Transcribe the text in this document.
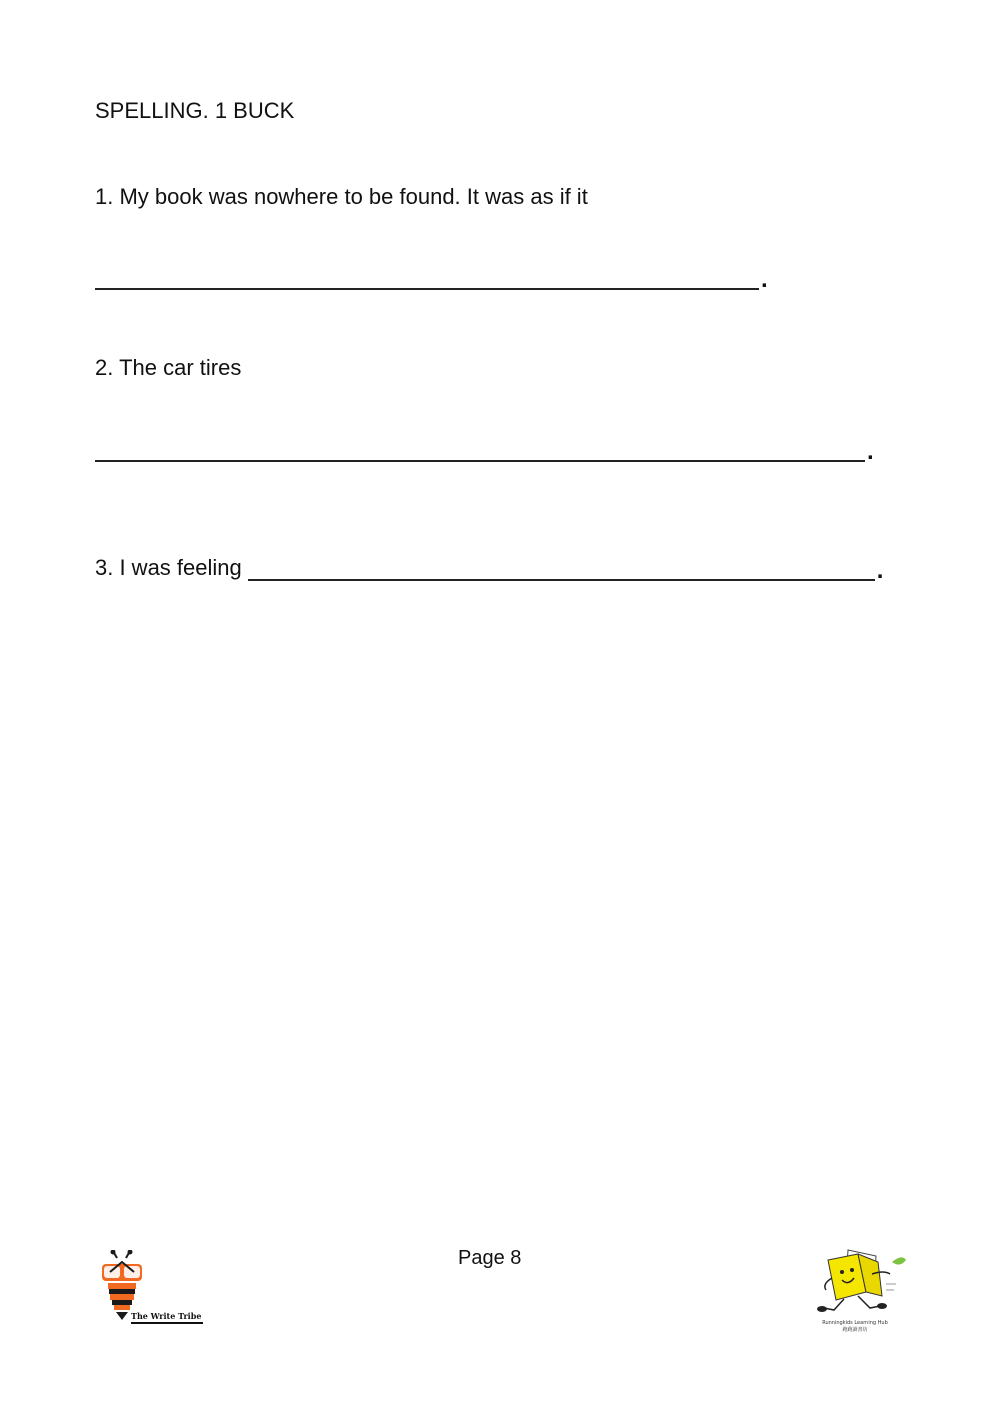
SPELLING. 1 BUCK

1. My book was nowhere to be found. It was as if it

.

2. The car tires

.
3. I was feeling	.
Page 8
The Write Tribe
Runningkids Learning Hub
跑跑讀書坊
